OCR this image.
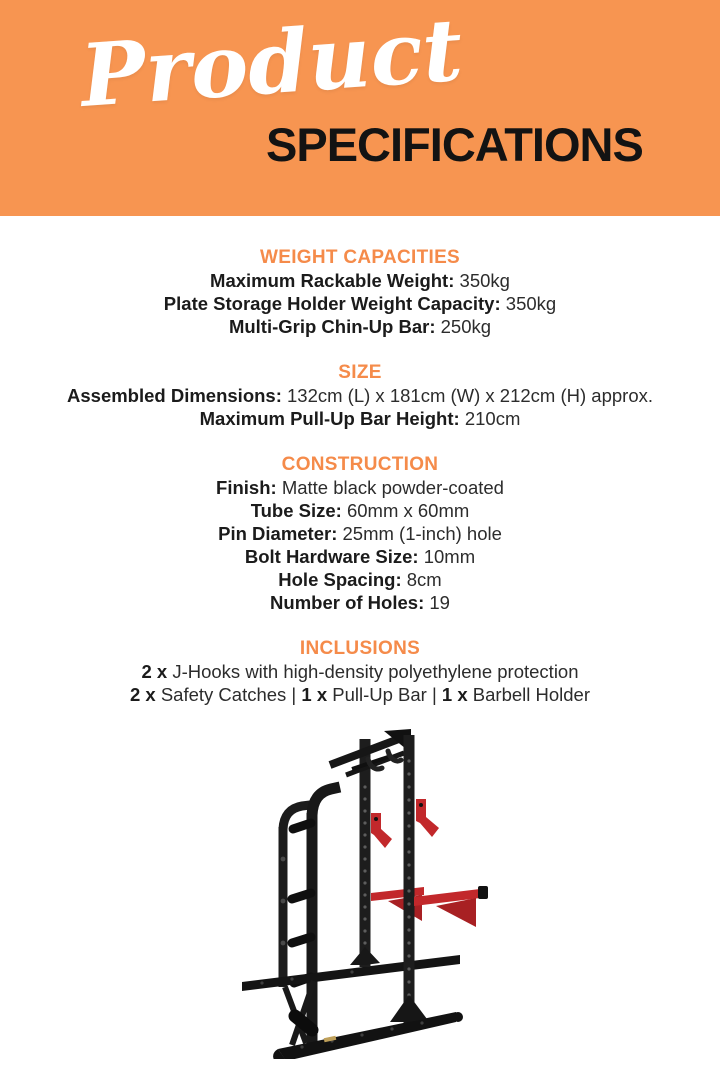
Product
SPECIFICATIONS
WEIGHT CAPACITIES

Maximum Rackable Weight: 350kg

Plate Storage Holder Weight Capacity: 350kg

Multi-Grip Chin-Up Bar: 250kg

SIZE

Assembled Dimensions: 132cm (L) x 181cm (W) x 212cm (H) approx.

Maximum Pull-Up Bar Height: 210cm

CONSTRUCTION

Finish: Matte black powder-coated

Tube Size: 60mm x 60mm

Pin Diameter: 25mm (1-inch) hole

Bolt Hardware Size: 10mm

Hole Spacing: 8cm

Number of Holes: 19

INCLUSIONS

2 x J-Hooks with high-density polyethylene protection

2 x Safety Catches | 1 x Pull-Up Bar | 1 x Barbell Holder
